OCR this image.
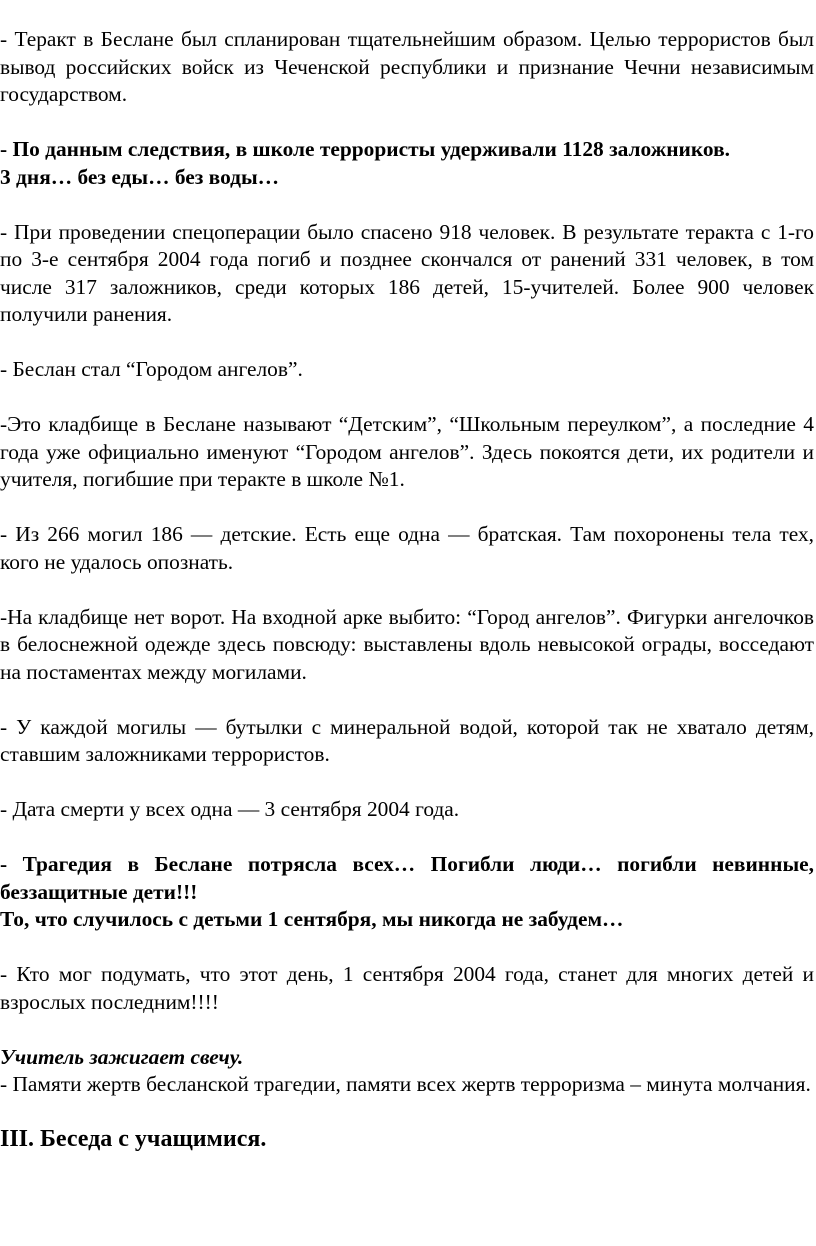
- Теракт в Беслане был спланирован тщательнейшим образом. Целью террористов был вывод российских войск из Чеченской республики и признание Чечни независимым государством.

- По данным следствия, в школе террористы удерживали 1128 заложников.

3 дня… без еды… без воды…

- При проведении спецоперации было спасено 918 человек. В результате теракта с 1-го по 3-е сентября 2004 года погиб и позднее скончался от ранений 331 человек, в том числе 317 заложников, среди которых 186 детей, 15-учителей. Более 900 человек получили ранения.

- Беслан стал “Городом ангелов”.

-Это кладбище в Беслане называют “Детским”, “Школьным переулком”, а последние 4 года уже официально именуют “Городом ангелов”. Здесь покоятся дети, их родители и учителя, погибшие при теракте в школе №1.

- Из 266 могил 186 — детские. Есть еще одна — братская. Там похоронены тела тех, кого не удалось опознать.

-На кладбище нет ворот. На входной арке выбито: “Город ангелов”. Фигурки ангелочков в белоснежной одежде здесь повсюду: выставлены вдоль невысокой ограды, восседают на постаментах между могилами.

- У каждой могилы — бутылки с минеральной водой, которой так не хватало детям, ставшим заложниками террористов.

- Дата смерти у всех одна — 3 сентября 2004 года.

- Трагедия в Беслане потрясла всех… Погибли люди… погибли невинные, беззащитные дети!!!

То, что случилось с детьми 1 сентября, мы никогда не забудем…

- Кто мог подумать, что этот день, 1 сентября 2004 года, станет для многих детей и взрослых последним!!!!

Учитель зажигает свечу.

- Памяти жертв бесланской трагедии, памяти всех жертв терроризма – минута молчания.

III. Беседа с учащимися.
